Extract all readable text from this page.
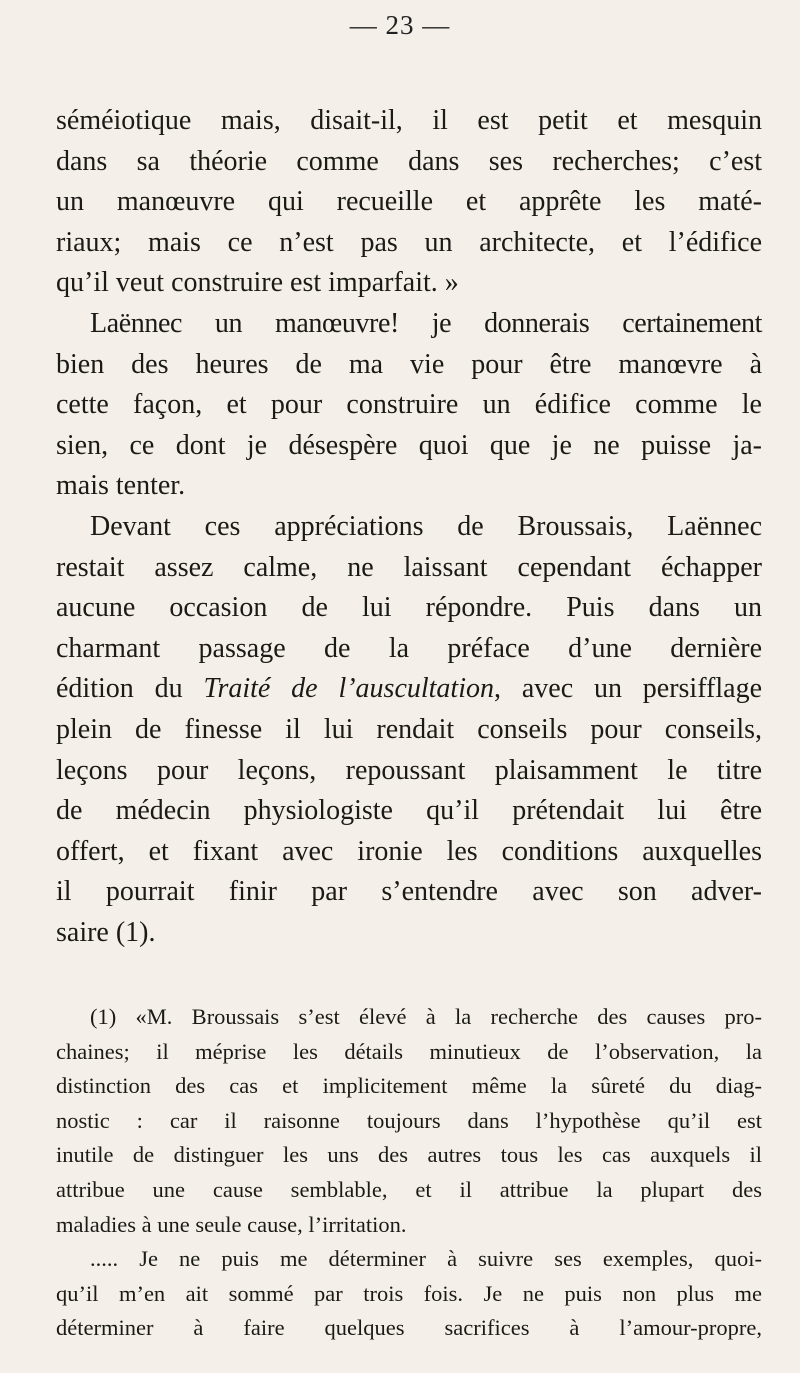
— 23 —
séméiotique mais, disait-il, il est petit et mesquin
dans sa théorie comme dans ses recherches; c’est
un manœuvre qui recueille et apprête les maté-
riaux; mais ce n’est pas un architecte, et l’édifice
qu’il veut construire est imparfait. »
Laënnec un manœuvre! je donnerais certainement
bien des heures de ma vie pour être manœvre à
cette façon, et pour construire un édifice comme le
sien, ce dont je désespère quoi que je ne puisse ja-
mais tenter.
Devant ces appréciations de Broussais, Laënnec
restait assez calme, ne laissant cependant échapper
aucune occasion de lui répondre. Puis dans un
charmant passage de la préface d’une dernière
édition du Traité de l’auscultation, avec un persifflage
plein de finesse il lui rendait conseils pour conseils,
leçons pour leçons, repoussant plaisamment le titre
de médecin physiologiste qu’il prétendait lui être
offert, et fixant avec ironie les conditions auxquelles
il pourrait finir par s’entendre avec son adver-
saire (1).
(1) «M. Broussais s’est élevé à la recherche des causes pro-
chaines; il méprise les détails minutieux de l’observation, la
distinction des cas et implicitement même la sûreté du diag-
nostic : car il raisonne toujours dans l’hypothèse qu’il est
inutile de distinguer les uns des autres tous les cas auxquels il
attribue une cause semblable, et il attribue la plupart des
maladies à une seule cause, l’irritation.
..... Je ne puis me déterminer à suivre ses exemples, quoi-
qu’il m’en ait sommé par trois fois. Je ne puis non plus me
déterminer à faire quelques sacrifices à l’amour-propre,
